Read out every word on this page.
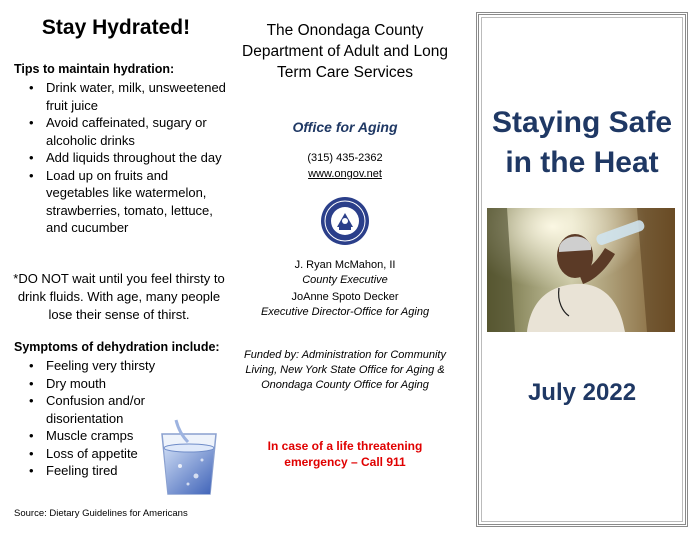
Stay Hydrated!

Tips to maintain hydration:

• Drink water, milk, unsweetened fruit juice
• Avoid caffeinated, sugary or alcoholic drinks
• Add liquids throughout the day
• Load up on fruits and vegetables like watermelon, strawberries, tomato, lettuce, and cucumber

*DO NOT wait until you feel thirsty to drink fluids. With age, many people lose their sense of thirst.

Symptoms of dehydration include:

• Feeling very thirsty
• Dry mouth
• Confusion and/or disorientation
• Muscle cramps
• Loss of appetite
• Feeling tired

Source: Dietary Guidelines for Americans

The Onondaga County Department of Adult and Long Term Care Services

Office for Aging

(315) 435-2362

www.ongov.net

J. Ryan McMahon, II
County Executive

JoAnne Spoto Decker
Executive Director-Office for Aging

Funded by: Administration for Community Living, New York State Office for Aging & Onondaga County Office for Aging

In case of a life threatening emergency – Call 911

Staying Safe in the Heat

July 2022
